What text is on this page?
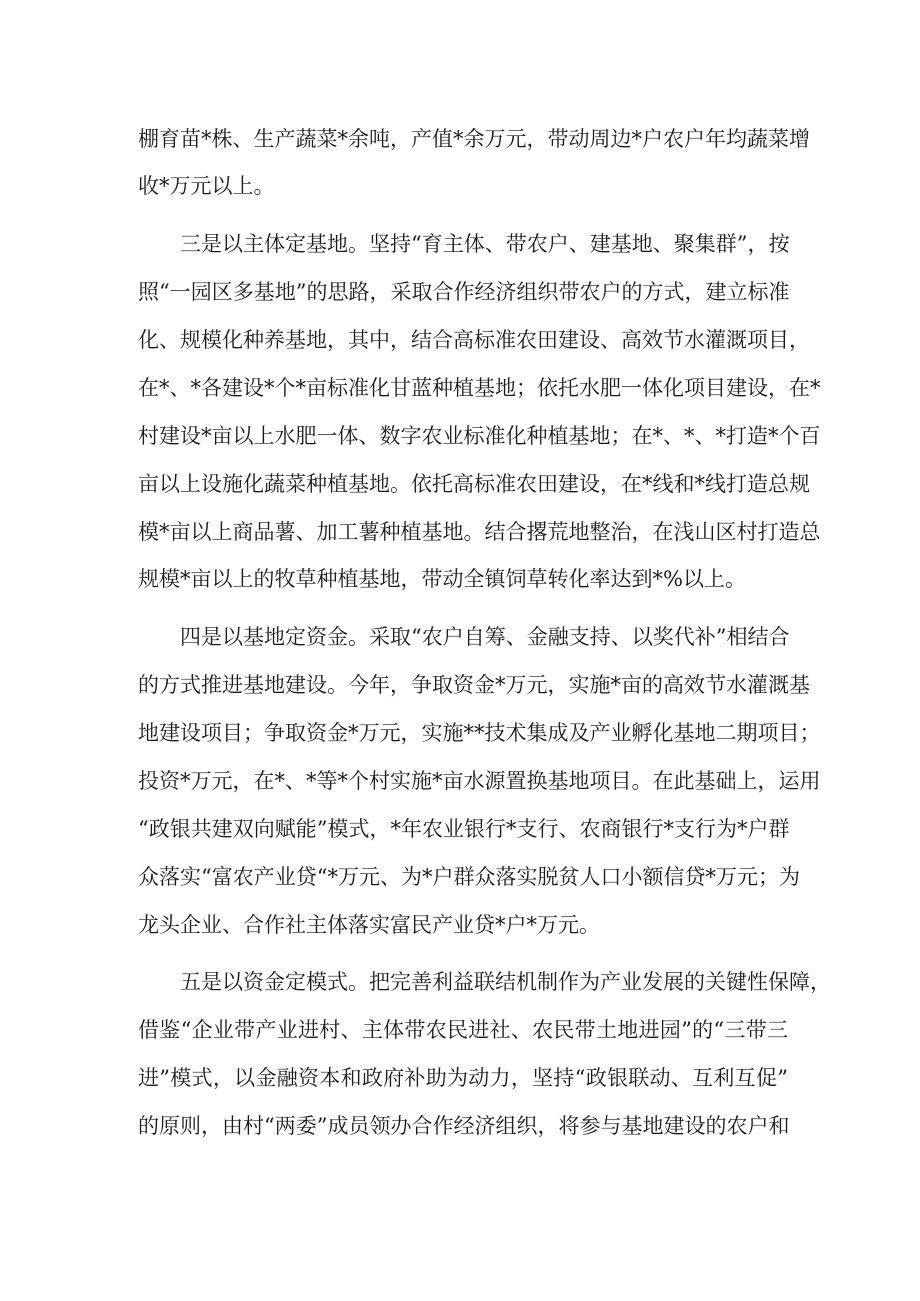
棚育苗*株、生产蔬菜*余吨，产值*余万元，带动周边*户农户年均蔬菜增
收*万元以上。
三是以主体定基地。坚持“育主体、带农户、建基地、聚集群”，按
照“一园区多基地”的思路，采取合作经济组织带农户的方式，建立标准
化、规模化种养基地，其中，结合高标准农田建设、高效节水灌溉项目，
在*、*各建设*个*亩标准化甘蓝种植基地；依托水肥一体化项目建设，在*
村建设*亩以上水肥一体、数字农业标准化种植基地；在*、*、*打造*个百
亩以上设施化蔬菜种植基地。依托高标准农田建设，在*线和*线打造总规
模*亩以上商品薯、加工薯种植基地。结合撂荒地整治，在浅山区村打造总
规模*亩以上的牧草种植基地，带动全镇饲草转化率达到*%以上。
四是以基地定资金。采取“农户自筹、金融支持、以奖代补”相结合
的方式推进基地建设。今年，争取资金*万元，实施*亩的高效节水灌溉基
地建设项目；争取资金*万元，实施**技术集成及产业孵化基地二期项目；
投资*万元，在*、*等*个村实施*亩水源置换基地项目。在此基础上，运用
“政银共建双向赋能”模式，*年农业银行*支行、农商银行*支行为*户群
众落实“富农产业贷“*万元、为*户群众落实脱贫人口小额信贷*万元；为
龙头企业、合作社主体落实富民产业贷*户*万元。
五是以资金定模式。把完善利益联结机制作为产业发展的关键性保障，
借鉴“企业带产业进村、主体带农民进社、农民带土地进园”的“三带三
进”模式，以金融资本和政府补助为动力，坚持“政银联动、互利互促”
的原则，由村“两委”成员领办合作经济组织，将参与基地建设的农户和
